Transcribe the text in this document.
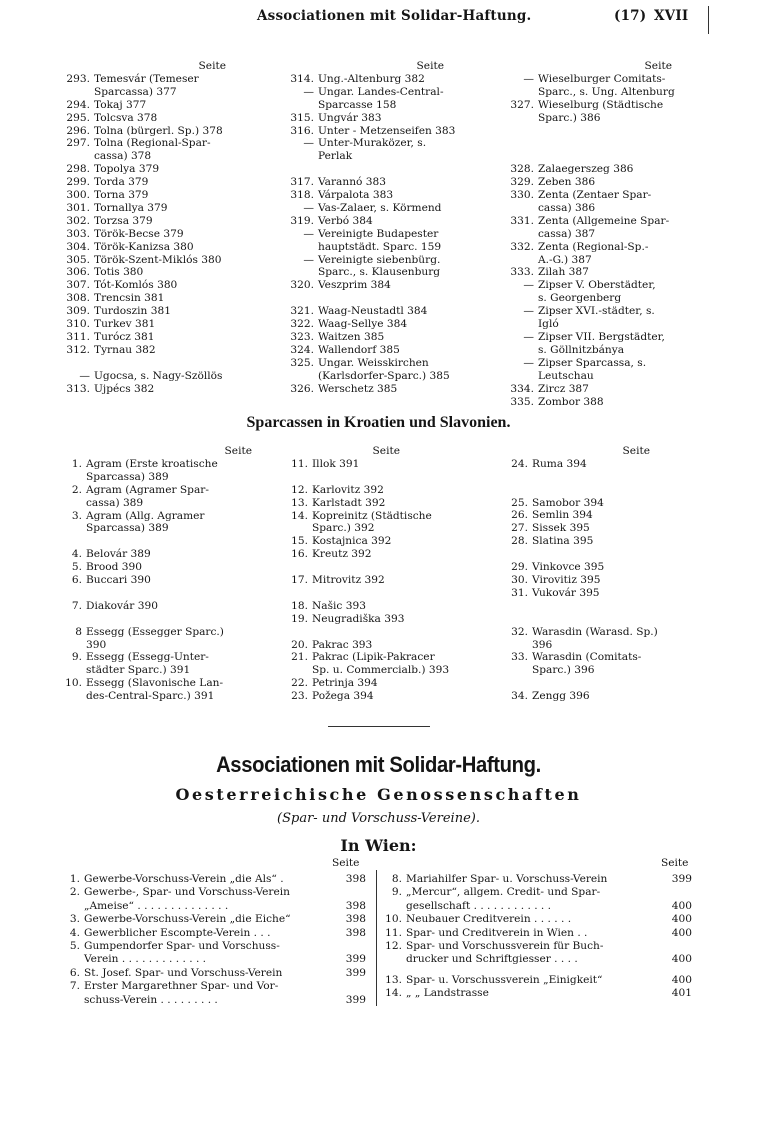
Associationen mit Solidar-Haftung.	(17) XVII
Seite
293. Temesvár (Temeser
Sparcassa) 377
294. Tokaj 377
295. Tolcsva 378
296. Tolna (bürgerl. Sp.) 378
297. Tolna (Regional-Spar-
cassa) 378
298. Topolya 379
299. Torda 379
300. Torna 379
301. Tornallya 379
302. Torzsa 379
303. Török-Becse 379
304. Török-Kanizsa 380
305. Török-Szent-Miklós 380
306. Totis 380
307. Tót-Komlós 380
308. Trencsin 381
309. Turdoszin 381
310. Turkev 381
311. Turócz 381
312. Tyrnau 382
— Ugocsa, s. Nagy-Szöllös
313. Ujpécs 382
Seite
314. Ung.-Altenburg 382
— Ungar. Landes-Central-
Sparcasse 158
315. Ungvár 383
316. Unter - Metzenseifen 383
— Unter-Muraközer, s.
Perlak
317. Varannó 383
318. Várpalota 383
— Vas-Zalaer, s. Körmend
319. Verbó 384
— Vereinigte Budapester
hauptstädt. Sparc. 159
— Vereinigte siebenbürg.
Sparc., s. Klausenburg
320. Veszprim 384
321. Waag-Neustadtl 384
322. Waag-Sellye 384
323. Waitzen 385
324. Wallendorf 385
325. Ungar. Weisskirchen
(Karlsdorfer-Sparc.) 385
326. Werschetz 385
Seite
— Wieselburger Comitats-
Sparc., s. Ung. Altenburg
327. Wieselburg (Städtische
Sparc.) 386
328. Zalaegerszeg 386
329. Zeben 386
330. Zenta (Zentaer Spar-
cassa) 386
331. Zenta (Allgemeine Spar-
cassa) 387
332. Zenta (Regional-Sp.-
A.-G.) 387
333. Zilah 387
— Zipser V. Oberstädter,
s. Georgenberg
— Zipser XVI.-städter, s.
Igló
— Zipser VII. Bergstädter,
s. Göllnitzbánya
— Zipser Sparcassa, s.
Leutschau
334. Zircz 387
335. Zombor 388
Sparcassen in Kroatien und Slavonien.
Seite
1. Agram (Erste kroatische
Sparcassa) 389
2. Agram (Agramer Spar-
cassa) 389
3. Agram (Allg. Agramer
Sparcassa) 389
4. Belovár 389
5. Brood 390
6. Buccari 390
7. Diakovár 390
8 Essegg (Essegger Sparc.)
390
9. Essegg (Essegg-Unter-
städter Sparc.) 391
10. Essegg (Slavonische Lan-
des-Central-Sparc.) 391
Seite
11. Illok 391
12. Karlovitz 392
13. Karlstadt 392
14. Kopreinitz (Städtische
Sparc.) 392
15. Kostajnica 392
16. Kreutz 392
17. Mitrovitz 392
18. Našic 393
19. Neugradiška 393
20. Pakrac 393
21. Pakrac (Lipik-Pakracer
Sp. u. Commercialb.) 393
22. Petrinja 394
23. Požega 394
Seite
24. Ruma 394
25. Samobor 394
26. Semlin 394
27. Sissek 395
28. Slatina 395
29. Vinkovce 395
30. Virovitiz 395
31. Vukovár 395
32. Warasdin (Warasd. Sp.)
396
33. Warasdin (Comitats-
Sparc.) 396
34. Zengg 396
Associationen mit Solidar-Haftung.
Oesterreichische Genossenschaften
(Spar- und Vorschuss-Vereine).
In Wien:
Seite	Seite
1. Gewerbe-Vorschuss-Verein „die Als“ .	398
2. Gewerbe-, Spar- und Vorschuss-Verein
„Ameise“ . . . . . . . . . . . . . .	398
3. Gewerbe-Vorschuss-Verein „die Eiche“	398
4. Gewerblicher Escompte-Verein . . .	398
5. Gumpendorfer Spar- und Vorschuss-
Verein . . . . . . . . . . . . .	399
6. St. Josef. Spar- und Vorschuss-Verein	399
7. Erster Margarethner Spar- und Vor-
schuss-Verein . . . . . . . . .	399
8. Mariahilfer Spar- u. Vorschuss-Verein	399
9. „Mercur“, allgem. Credit- und Spar-
gesellschaft . . . . . . . . . . . .	400
10. Neubauer Creditverein . . . . . .	400
11. Spar- und Creditverein in Wien . .	400
12. Spar- und Vorschussverein für Buch-
drucker und Schriftgiesser . . . .	400
13. Spar- u. Vorschussverein „Einigkeit“	400
14. „ „ Landstrasse	401
